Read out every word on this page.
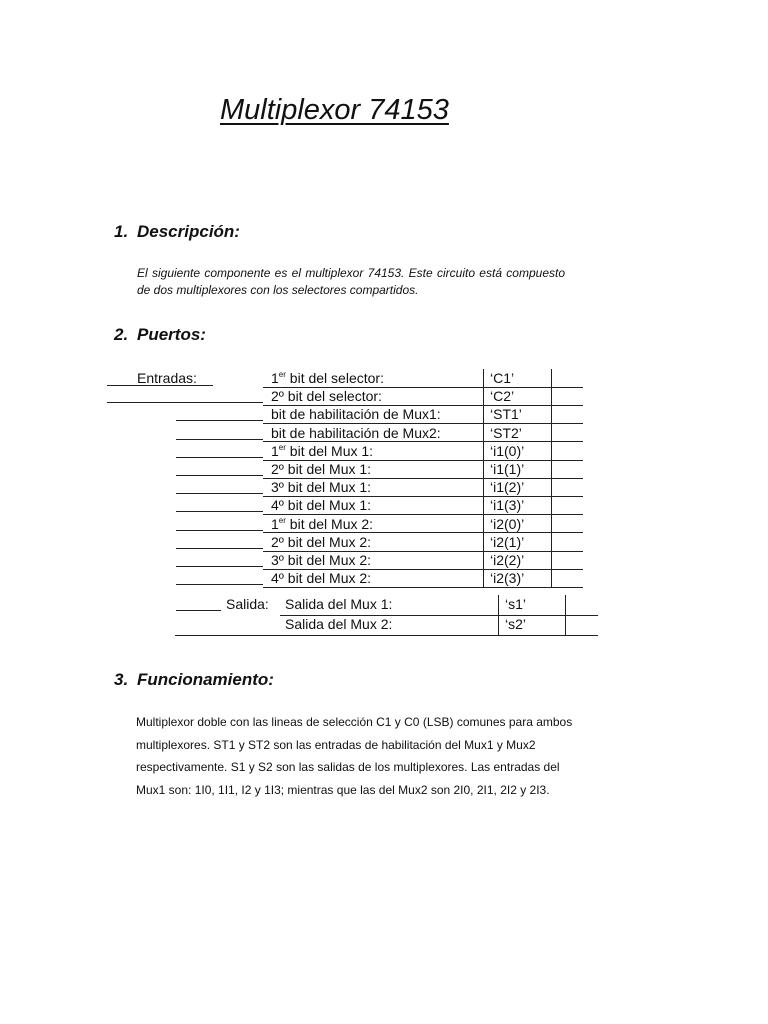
Multiplexor 74153
1. Descripción:
El siguiente componente es el multiplexor 74153. Este circuito está compuesto de dos multiplexores con los selectores compartidos.
2. Puertos:
Entradas:	1er bit del selector:	‘C1’
2º bit del selector:	‘C2’
bit de habilitación de Mux1:	‘ST1’
bit de habilitación de Mux2:	‘ST2’
1er bit del Mux 1:	‘i1(0)’
2º bit del Mux 1:	‘i1(1)’
3º bit del Mux 1:	‘i1(2)’
4º bit del Mux 1:	‘i1(3)’
1er bit del Mux 2:	‘i2(0)’
2º bit del Mux 2:	‘i2(1)’
3º bit del Mux 2:	‘i2(2)’
4º bit del Mux 2:	‘i2(3)’
Salida: Salida del Mux 1:	‘s1’
Salida del Mux 2:	‘s2’
3. Funcionamiento:
Multiplexor doble con las lineas de selección C1 y C0 (LSB) comunes para ambos multiplexores. ST1 y ST2 son las entradas de habilitación del Mux1 y Mux2 respectivamente. S1 y S2 son las salidas de los multiplexores. Las entradas del Mux1 son: 1I0, 1I1, I2 y 1I3; mientras que las del Mux2 son 2I0, 2I1, 2I2 y 2I3.
